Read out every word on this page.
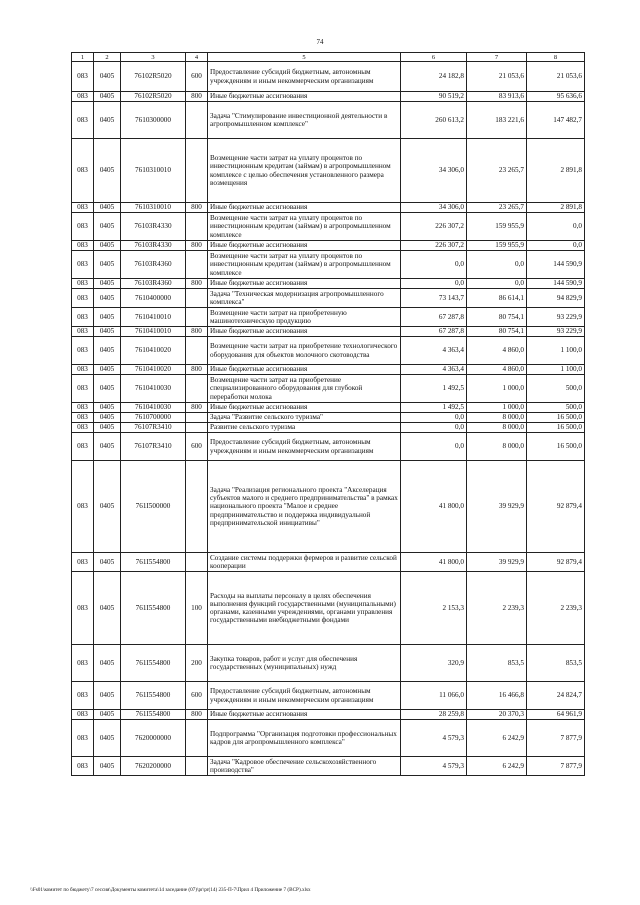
74
1	2	3	4	5	6	7	8
083	0405	76102R5020	600	Предоставление субсидий бюджетным, автономным учреждениям и иным некоммерческим организациям	24 182,8	21 053,6	21 053,6
083	0405	76102R5020	800	Иные бюджетные ассигнования	90 519,2	83 913,6	95 636,6
083	0405	7610300000		Задача "Стимулирование инвестиционной деятельности в агропромышленном комплексе"	260 613,2	183 221,6	147 482,7
083	0405	7610310010		Возмещение части затрат на уплату процентов по инвестиционным кредитам (займам) в агропромышленном комплексе с целью обеспечения установленного размера возмещения	34 306,0	23 265,7	2 891,8
083	0405	7610310010	800	Иные бюджетные ассигнования	34 306,0	23 265,7	2 891,8
083	0405	76103R4330		Возмещение части затрат на уплату процентов по инвестиционным кредитам (займам) в агропромышленном комплексе	226 307,2	159 955,9	0,0
083	0405	76103R4330	800	Иные бюджетные ассигнования	226 307,2	159 955,9	0,0
083	0405	76103R4360		Возмещение части затрат на уплату процентов по инвестиционным кредитам (займам) в агропромышленном комплексе	0,0	0,0	144 590,9
083	0405	76103R4360	800	Иные бюджетные ассигнования	0,0	0,0	144 590,9
083	0405	7610400000		Задача "Техническая модернизация агропромышленного комплекса"	73 143,7	86 614,1	94 829,9
083	0405	7610410010		Возмещение части затрат на приобретенную машинотехническую продукцию	67 287,8	80 754,1	93 229,9
083	0405	7610410010	800	Иные бюджетные ассигнования	67 287,8	80 754,1	93 229,9
083	0405	7610410020		Возмещение части затрат на приобретение технологического оборудования для объектов молочного скотоводства	4 363,4	4 860,0	1 100,0
083	0405	7610410020	800	Иные бюджетные ассигнования	4 363,4	4 860,0	1 100,0
083	0405	7610410030		Возмещение части затрат на приобретение специализированного оборудования для глубокой переработки молока	1 492,5	1 000,0	500,0
083	0405	7610410030	800	Иные бюджетные ассигнования	1 492,5	1 000,0	500,0
083	0405	7610700000		Задача "Развитие сельского туризма"	0,0	8 000,0	16 500,0
083	0405	76107R3410		Развитие сельского туризма	0,0	8 000,0	16 500,0
083	0405	76107R3410	600	Предоставление субсидий бюджетным, автономным учреждениям и иным некоммерческим организациям	0,0	8 000,0	16 500,0
083	0405	761I500000		Задача "Реализация регионального проекта "Акселерация субъектов малого и среднего предпринимательства" в рамках национального проекта "Малое и среднее предпринимательство и поддержка индивидуальной предпринимательской инициативы"	41 800,0	39 929,9	92 879,4
083	0405	761I554800		Создание системы поддержки фермеров и развитие сельской кооперации	41 800,0	39 929,9	92 879,4
083	0405	761I554800	100	Расходы на выплаты персоналу в целях обеспечения выполнения функций государственными (муниципальными) органами, казенными учреждениями, органами управления государственными внебюджетными фондами	2 153,3	2 239,3	2 239,3
083	0405	761I554800	200	Закупка товаров, работ и услуг для обеспечения государственных (муниципальных) нужд	320,9	853,5	853,5
083	0405	761I554800	600	Предоставление субсидий бюджетным, автономным учреждениям и иным некоммерческим организациям	11 066,0	16 466,8	24 824,7
083	0405	761I554800	800	Иные бюджетные ассигнования	28 259,8	20 370,3	64 961,9
083	0405	7620000000		Подпрограмма "Организация подготовки профессиональных кадров для агропромышленного комплекса"	4 579,3	6 242,9	7 877,9
083	0405	7620200000		Задача "Кадровое обеспечение сельскохозяйственного производства"	4 579,3	6 242,9	7 877,9
\\Fs01\комитет по бюджету\7 сессия\Документы комитета\14 заседание (07)\pr\pr(14) 235-П-7\Прил 4 Приложение 7 (ВСР).xlsx
